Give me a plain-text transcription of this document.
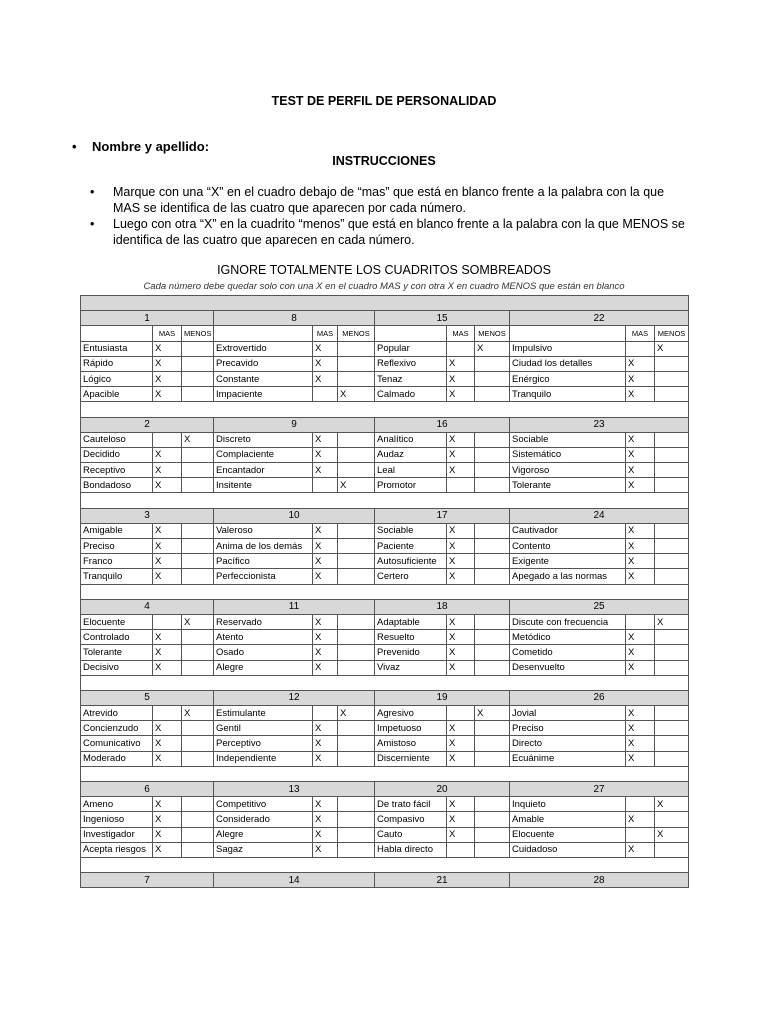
TEST DE PERFIL DE PERSONALIDAD
• Nombre y apellido:
INSTRUCCIONES
• Marque con una “X” en el cuadro debajo de “mas” que está en blanco frente a la palabra con la que MAS se identifica de las cuatro que aparecen por cada número.
• Luego con otra “X” en la cuadrito “menos” que está en blanco frente a la palabra con la que MENOS se identifica de las cuatro que aparecen en cada número.
IGNORE TOTALMENTE LOS CUADRITOS SOMBREADOS
Cada número debe quedar solo con una X en el cuadro MAS y con otra X en cuadro MENOS que están en blanco

1			8			15			22		
	MAS	MENOS		MAS	MENOS		MAS	MENOS		MAS	MENOS
Entusiasta	X		Extrovertido	X		Popular		X	Impulsivo		X
Rápido	X		Precavido	X		Reflexivo	X		Ciudad los detalles	X	
Lógico	X		Constante	X		Tenaz	X		Enérgico	X	
Apacible	X		Impaciente		X	Calmado	X		Tranquilo	X	

2			9			16			23		
Cauteloso		X	Discreto	X		Analítico	X		Sociable	X	
Decidido	X		Complaciente	X		Audaz	X		Sistemático	X	
Receptivo	X		Encantador	X		Leal	X		Vigoroso	X	
Bondadoso	X		Insitente		X	Promotor			Tolerante	X	

3			10			17			24		
Amigable	X		Valeroso	X		Sociable	X		Cautivador	X	
Preciso	X		Anima de los demás	X		Paciente	X		Contento	X	
Franco	X		Pacífico	X		Autosuficiente	X		Exigente	X	
Tranquilo	X		Perfeccionista	X		Certero	X		Apegado a las normas	X	

4			11			18			25		
Elocuente		X	Reservado	X		Adaptable	X		Discute con frecuencia		X
Controlado	X		Atento	X		Resuelto	X		Metódico	X	
Tolerante	X		Osado	X		Prevenido	X		Cometido	X	
Decisivo	X		Alegre	X		Vivaz	X		Desenvuelto	X	

5			12			19			26		
Atrevido		X	Estimulante		X	Agresivo		X	Jovial	X	
Concienzudo	X		Gentil	X		Impetuoso	X		Preciso	X	
Comunicativo	X		Perceptivo	X		Amistoso	X		Directo	X	
Moderado	X		Independiente	X		Discerniente	X		Ecuánime	X	

6			13			20			27		
Ameno	X		Competitivo	X		De trato fácil	X		Inquieto		X
Ingenioso	X		Considerado	X		Compasivo	X		Amable	X	
Investigador	X		Alegre	X		Cauto	X		Elocuente		X
Acepta riesgos	X		Sagaz	X		Habla directo			Cuidadoso	X	

7			14			21			28		
